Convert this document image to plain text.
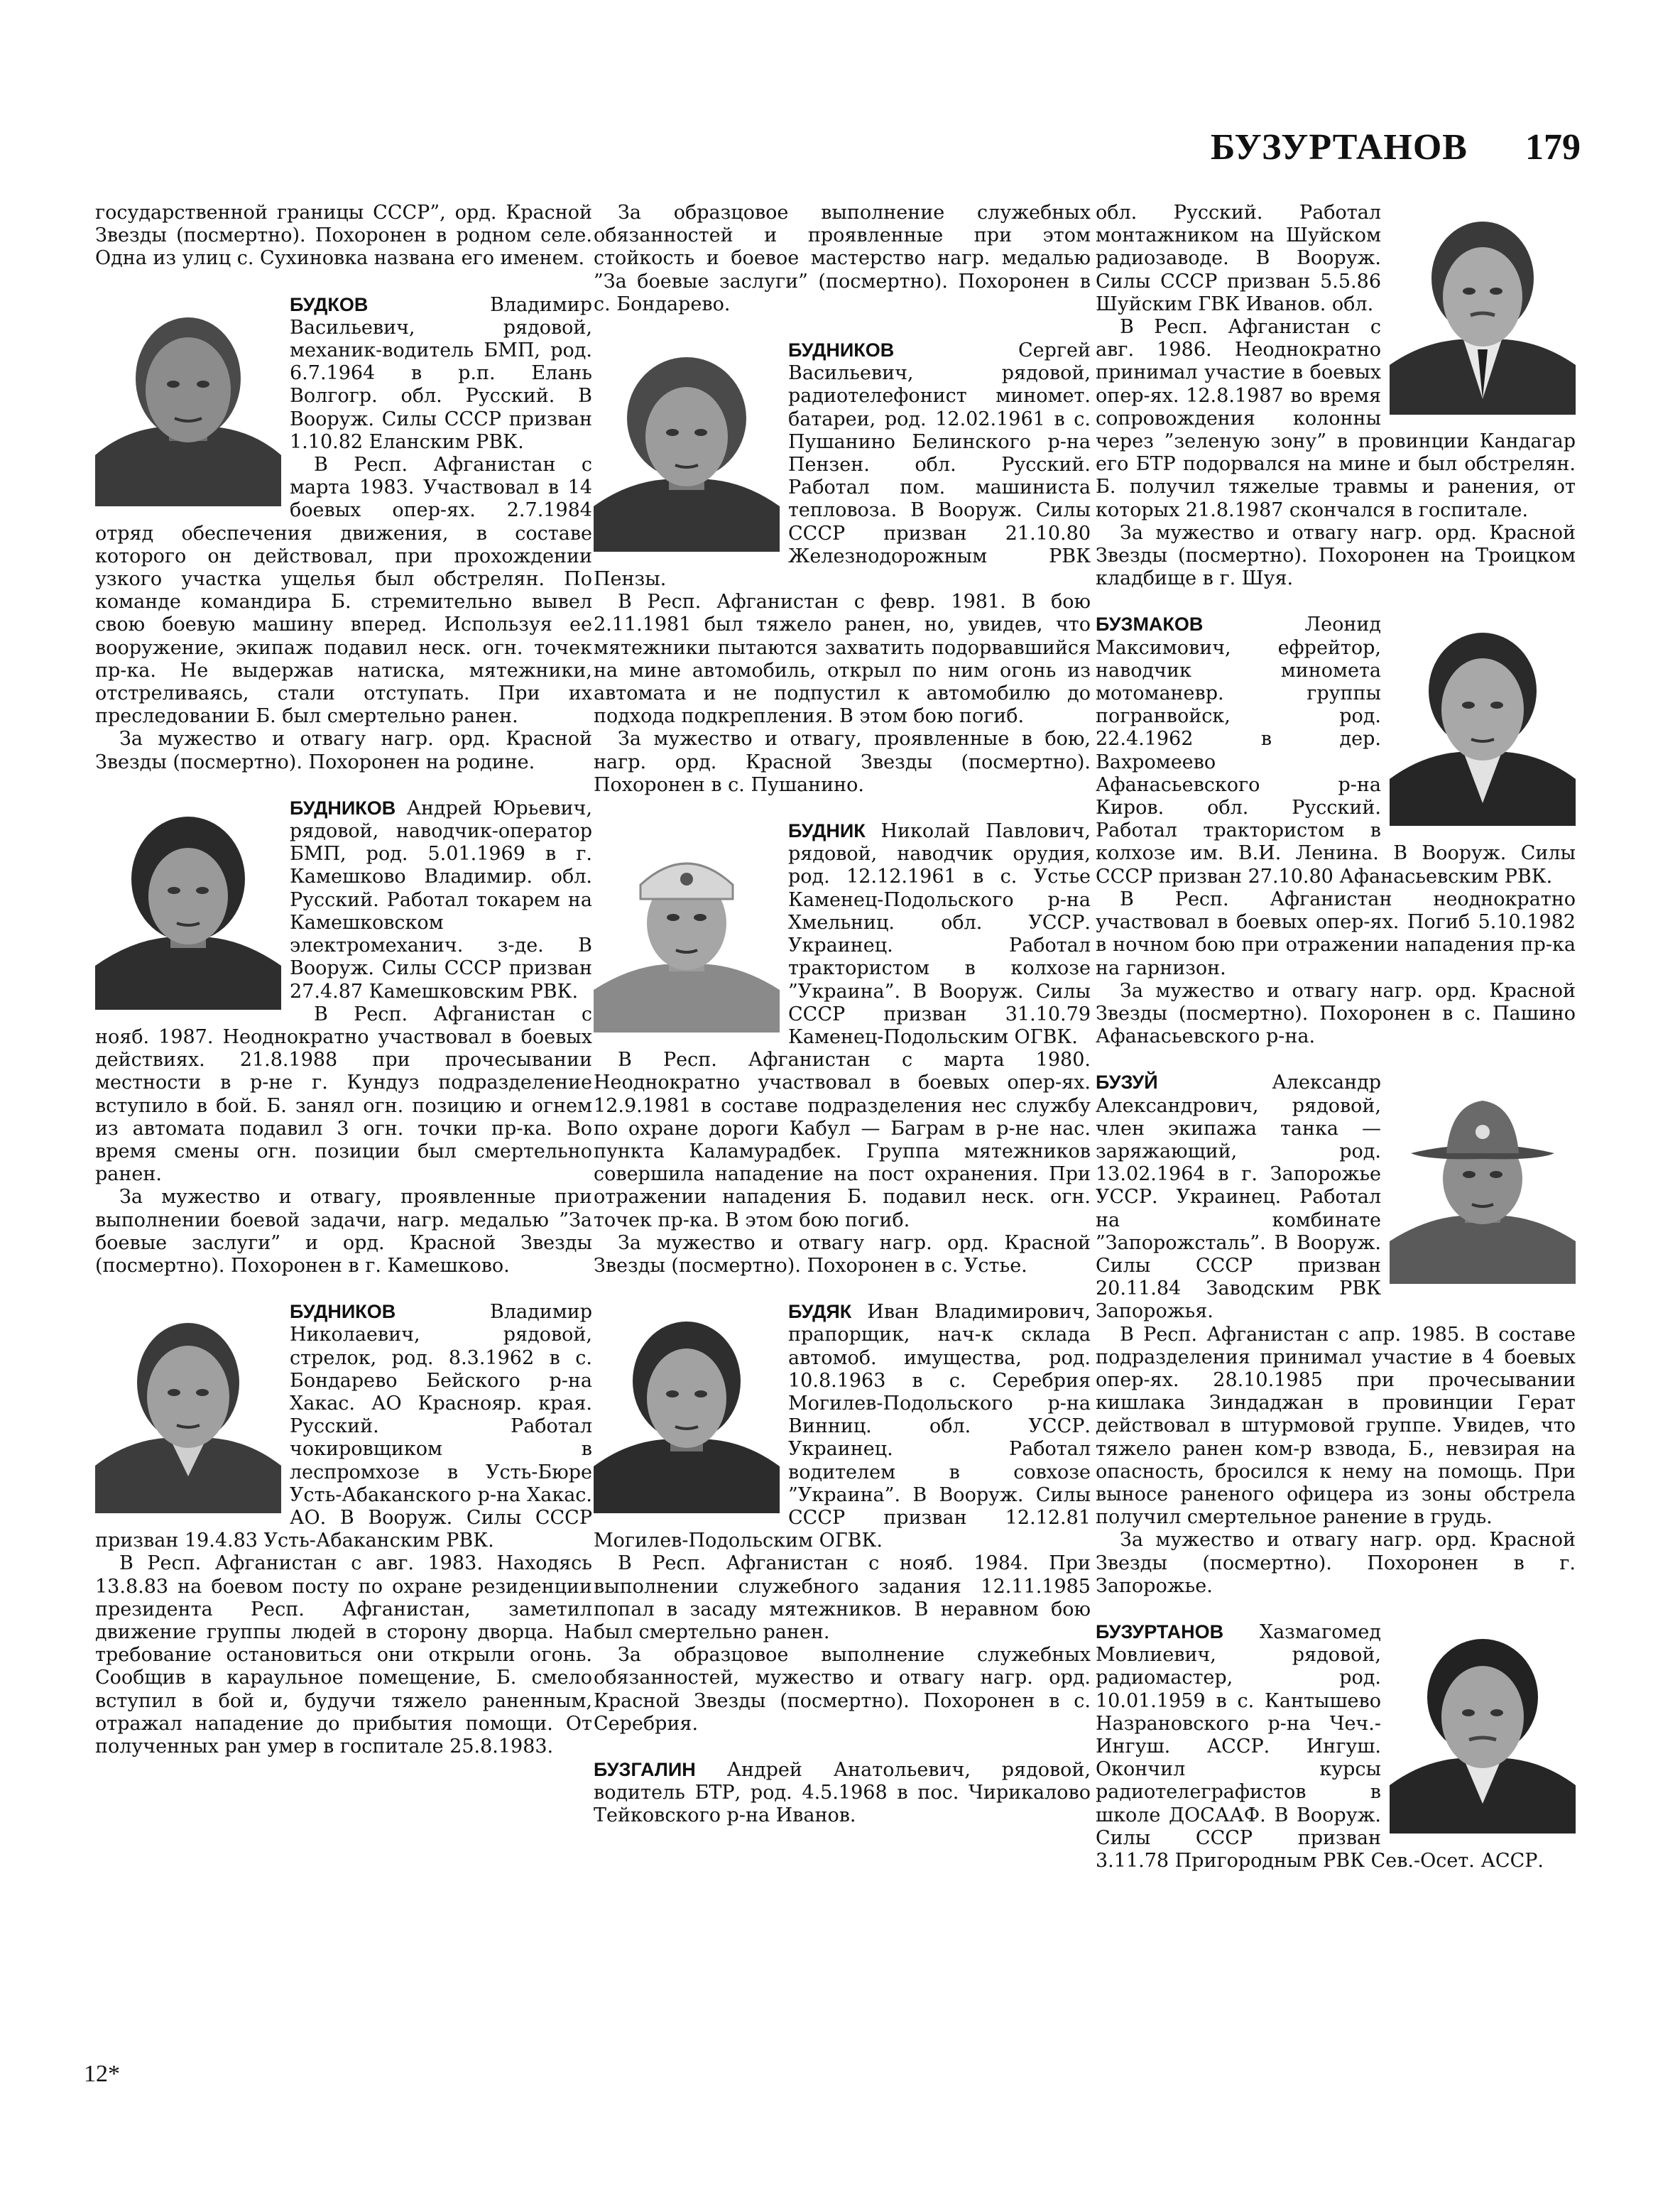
БУЗУРТАНОВ 179

государственной границы СССР”, орд. Красной Звезды (посмертно). Похоронен в родном селе. Одна из улиц с. Сухиновка названа его именем.

БУДКОВ	Владимир Васильевич, рядовой, механик-водитель БМП, род. 6.7.1964 в р.п. Елань Волгогр. обл. Русский. В Вооруж. Силы СССР призван 1.10.82 Еланским РВК.

В Респ. Афганистан с марта 1983. Участвовал в 14 боевых опер-ях. 2.7.1984 отряд обеспечения движения, в составе которого он действовал, при прохождении узкого участка ущелья был обстрелян. По команде командира Б. стремительно вывел свою боевую машину вперед. Используя ее вооружение, экипаж подавил неск. огн. точек пр-ка. Не выдержав натиска, мятежники, отстреливаясь, стали отступать. При их преследовании Б. был смертельно ранен.

За мужество и отвагу нагр. орд. Красной Звезды (посмертно). Похоронен на родине.

БУДНИКОВ Андрей Юрьевич, рядовой, наводчик-оператор БМП, род. 5.01.1969 в г. Камешково Владимир. обл. Русский. Работал токарем на Камешковском электромеханич. з-де. В Вооруж. Силы СССР призван 27.4.87 Камешковским РВК.

В Респ. Афганистан с нояб. 1987. Неоднократно участвовал в боевых действиях. 21.8.1988 при прочесывании местности в р-не г. Кундуз подразделение вступило в бой. Б. занял огн. позицию и огнем из автомата подавил 3 огн. точки пр-ка. Во время смены огн. позиции был смертельно ранен.

За мужество и отвагу, проявленные при выполнении боевой задачи, нагр. медалью ”За боевые заслуги” и орд. Красной Звезды (посмертно). Похоронен в г. Камешково.

БУДНИКОВ	Владимир Николаевич, рядовой, стрелок, род. 8.3.1962 в с. Бондарево Бейского р-на Хакас. АО Краснояр. края. Русский. Работал чокировщиком в леспромхозе в Усть-Бюре Усть-Абаканского р-на Хакас. АО. В Вооруж. Силы СССР призван 19.4.83 Усть-Абаканским РВК.

В Респ. Афганистан с авг. 1983. Находясь 13.8.83 на боевом посту по охране резиденции президента Респ. Афганистан, заметил движение группы людей в сторону дворца. На требование остановиться они открыли огонь. Сообщив в караульное помещение, Б. смело вступил в бой и, будучи тяжело раненным, отражал нападение до прибытия помощи. От полученных ран умер в госпитале 25.8.1983.

За образцовое выполнение служебных обязанностей и проявленные при этом стойкость и боевое мастерство нагр. медалью ”За боевые заслуги” (посмертно). Похоронен в с. Бондарево.

БУДНИКОВ	Сергей Васильевич, рядовой, радиотелефонист миномет. батареи, род. 12.02.1961 в с. Пушанино Белинского р-на Пензен. обл. Русский. Работал пом. машиниста тепловоза. В Вооруж. Силы СССР призван 21.10.80 Железнодорожным РВК Пензы.

В Респ. Афганистан с февр. 1981. В бою 2.11.1981 был тяжело ранен, но, увидев, что мятежники пытаются захватить подорвавшийся на мине автомобиль, открыл по ним огонь из автомата и не подпустил к автомобилю до подхода подкрепления. В этом бою погиб.

За мужество и отвагу, проявленные в бою, нагр. орд. Красной Звезды (посмертно). Похоронен в с. Пушанино.

БУДНИК Николай Павлович, рядовой, наводчик орудия, род. 12.12.1961 в с. Устье Каменец-Подольского р-на Хмельниц. обл. УССР. Украинец. Работал трактористом в колхозе ”Украина”. В Вооруж. Силы СССР призван 31.10.79 Каменец-Подольским ОГВК.

В Респ. Афганистан с марта 1980. Неоднократно участвовал в боевых опер-ях. 12.9.1981 в составе подразделения нес службу по охране дороги Кабул — Баграм в р-не нас. пункта Каламурадбек. Группа мятежников совершила нападение на пост охранения. При отражении нападения Б. подавил неск. огн. точек пр-ка. В этом бою погиб.

За мужество и отвагу нагр. орд. Красной Звезды (посмертно). Похоронен в с. Устье.

БУДЯК Иван Владимирович, прапорщик, нач-к склада автомоб. имущества, род. 10.8.1963 в с. Серебрия Могилев-Подольского р-на Винниц. обл. УССР. Украинец. Работал водителем в совхозе ”Украина”. В Вооруж. Силы СССР призван 12.12.81 Могилев-Подольским ОГВК.

В Респ. Афганистан с нояб. 1984. При выполнении служебного задания 12.11.1985 попал в засаду мятежников. В неравном бою был смертельно ранен.

За образцовое выполнение служебных обязанностей, мужество и отвагу нагр. орд. Красной Звезды (посмертно). Похоронен в с. Серебрия.

БУЗГАЛИН Андрей Анатольевич, рядовой, водитель БТР, род. 4.5.1968 в пос. Чирикалово Тейковского р-на Иванов.

обл. Русский. Работал монтажником на Шуйском радиозаводе. В Вооруж. Силы СССР призван 5.5.86 Шуйским ГВК Иванов. обл.

В Респ. Афганистан с авг. 1986. Неоднократно принимал участие в боевых опер-ях. 12.8.1987 во время сопровождения колонны через ”зеленую зону” в провинции Кандагар его БТР подорвался на мине и был обстрелян. Б. получил тяжелые травмы и ранения, от которых 21.8.1987 скончался в госпитале.

За мужество и отвагу нагр. орд. Красной Звезды (посмертно). Похоронен на Троицком кладбище в г. Шуя.

БУЗМАКОВ	Леонид Максимович, ефрейтор, наводчик миномета мотоманевр. группы погранвойск, род. 22.4.1962 в дер. Вахромеево Афанасьевского р-на Киров. обл. Русский. Работал трактористом в колхозе им. В.И. Ленина. В Вооруж. Силы СССР призван 27.10.80 Афанасьевским РВК.

В Респ. Афганистан неоднократно участвовал в боевых опер-ях. Погиб 5.10.1982 в ночном бою при отражении нападения пр-ка на гарнизон.

За мужество и отвагу нагр. орд. Красной Звезды (посмертно). Похоронен в с. Пашино Афанасьевского р-на.

БУЗУЙ	Александр Александрович, рядовой, член экипажа танка — заряжающий, род. 13.02.1964 в г. Запорожье УССР. Украинец. Работал на комбинате ”Запорожсталь”. В Вооруж. Силы СССР призван 20.11.84 Заводским РВК Запорожья.

В Респ. Афганистан с апр. 1985. В составе подразделения принимал участие в 4 боевых опер-ях. 28.10.1985 при прочесывании кишлака Зиндаджан в провинции Герат действовал в штурмовой группе. Увидев, что тяжело ранен ком-р взвода, Б., невзирая на опасность, бросился к нему на помощь. При выносе раненого офицера из зоны обстрела получил смертельное ранение в грудь.

За мужество и отвагу нагр. орд. Красной Звезды (посмертно). Похоронен в г. Запорожье.

БУЗУРТАНОВ Хазмагомед Мовлиевич, рядовой, радиомастер, род. 10.01.1959 в с. Кантышево Назрановского р-на Чеч.-Ингуш. АССР. Ингуш. Окончил курсы радиотелеграфистов в школе ДОСААФ. В Вооруж. Силы СССР призван 3.11.78 Пригородным РВК Сев.-Осет. АССР.

12*
